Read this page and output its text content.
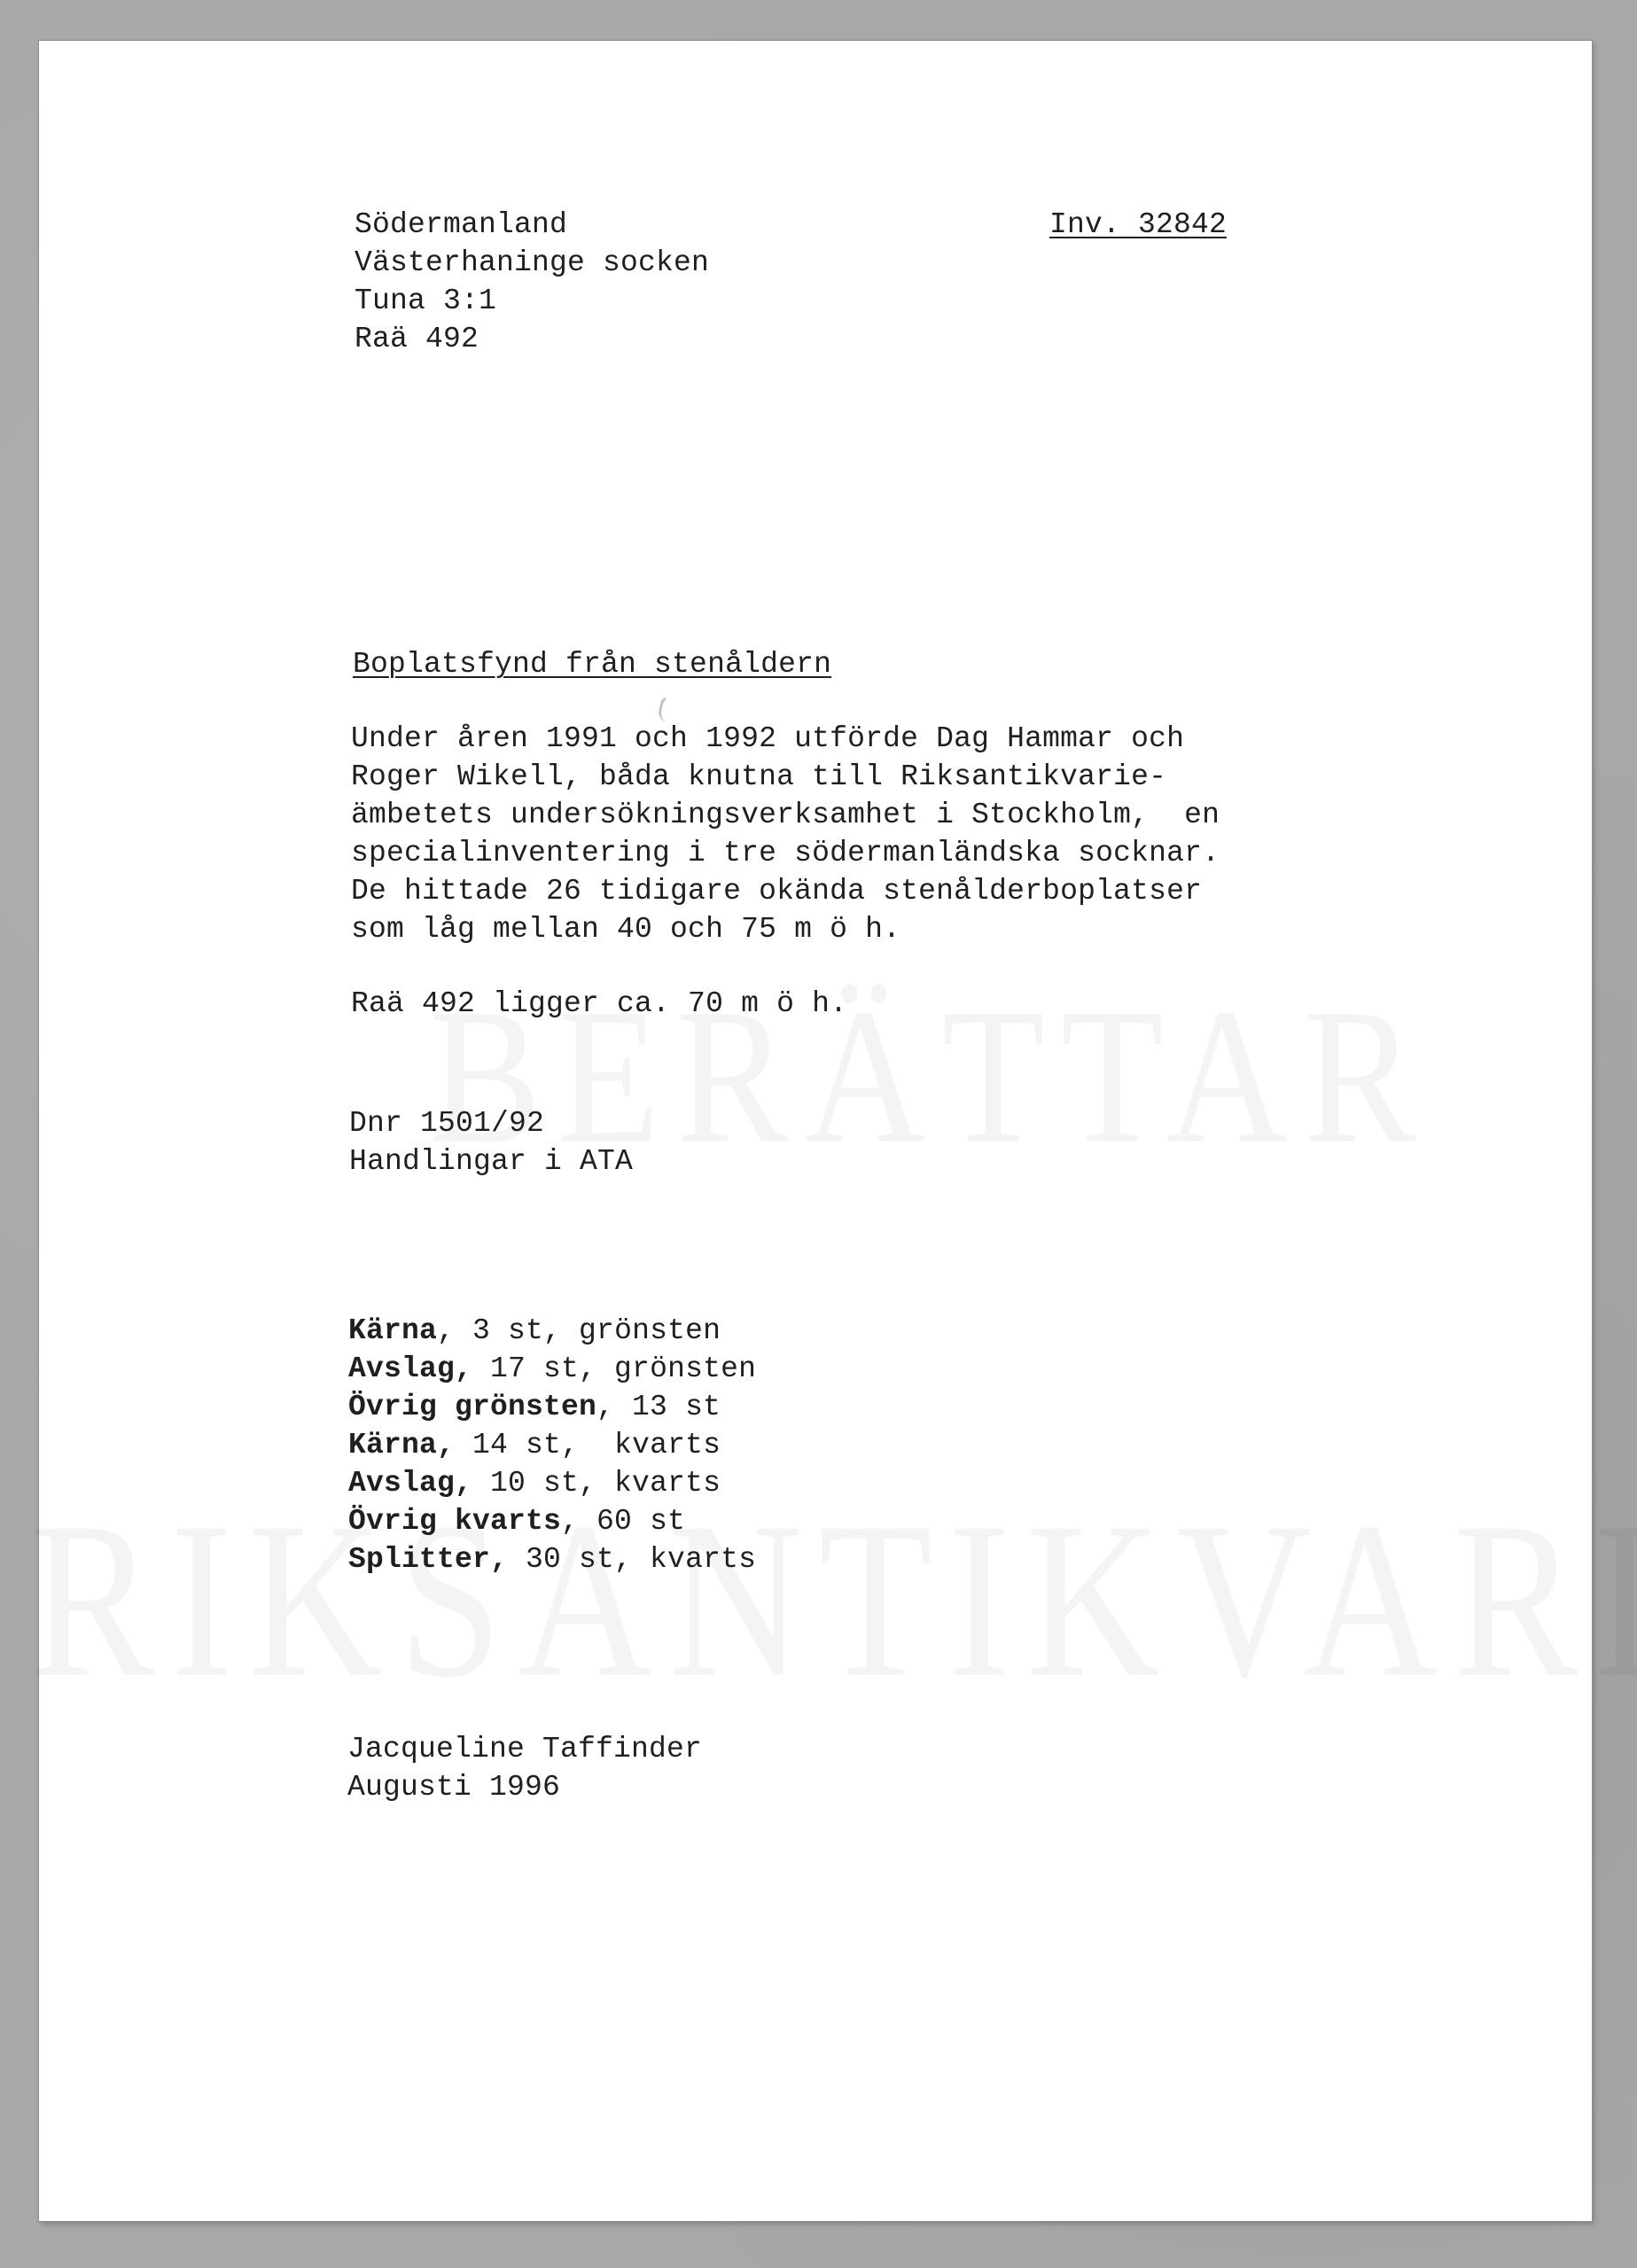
Södermanland
Västerhaninge socken
Tuna 3:1
Raä 492
Inv. 32842
Boplatsfynd från stenåldern
Under åren 1991 och 1992 utförde Dag Hammar och
Roger Wikell, båda knutna till Riksantikvarie-
ämbetets undersökningsverksamhet i Stockholm,  en
specialinventering i tre södermanländska socknar.
De hittade 26 tidigare okända stenålderboplatser
som låg mellan 40 och 75 m ö h.
Raä 492 ligger ca. 70 m ö h.
Dnr 1501/92
Handlingar i ATA
Kärna, 3 st, grönsten
Avslag, 17 st, grönsten
Övrig grönsten, 13 st
Kärna, 14 st,  kvarts
Avslag, 10 st, kvarts
Övrig kvarts, 60 st
Splitter, 30 st, kvarts
Jacqueline Taffinder
Augusti 1996
